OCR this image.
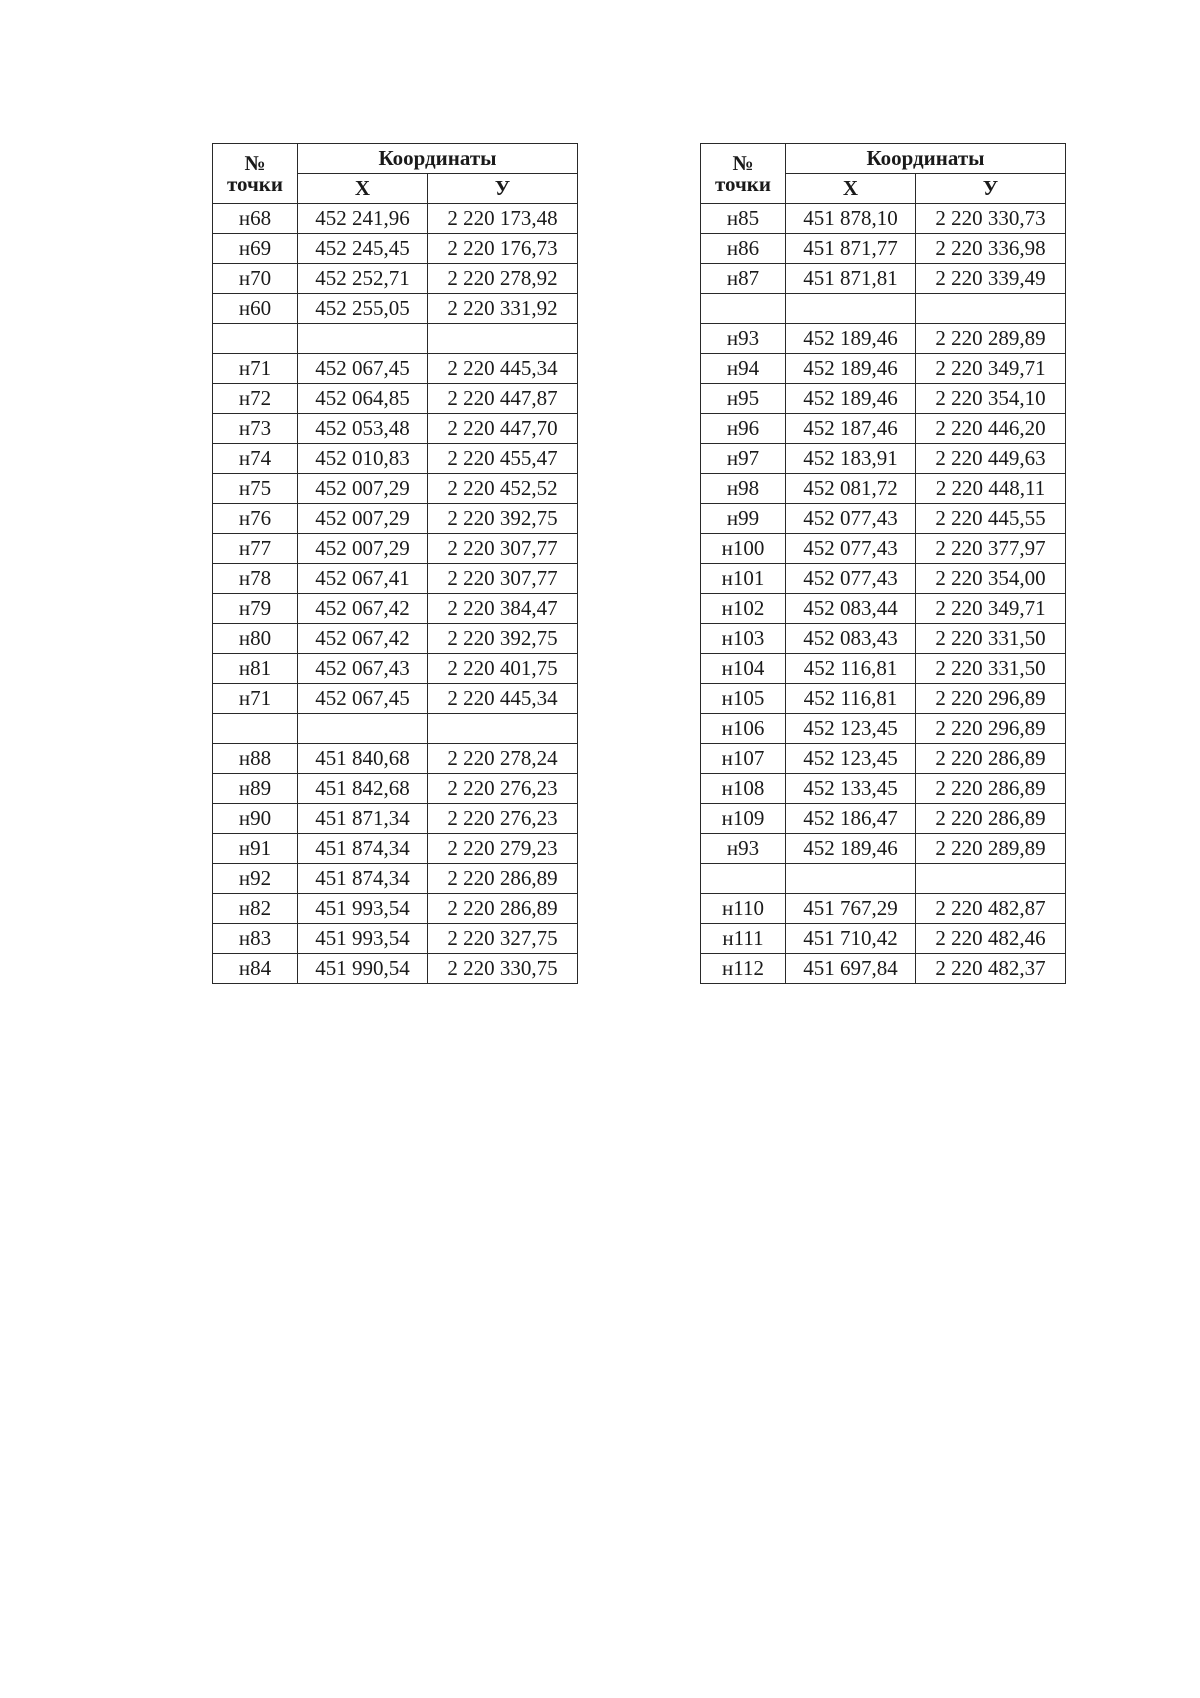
№
точки	Координаты	
	Х	У
н68	452 241,96	2 220 173,48
н69	452 245,45	2 220 176,73
н70	452 252,71	2 220 278,92
н60	452 255,05	2 220 331,92

н71	452 067,45	2 220 445,34
н72	452 064,85	2 220 447,87
н73	452 053,48	2 220 447,70
н74	452 010,83	2 220 455,47
н75	452 007,29	2 220 452,52
н76	452 007,29	2 220 392,75
н77	452 007,29	2 220 307,77
н78	452 067,41	2 220 307,77
н79	452 067,42	2 220 384,47
н80	452 067,42	2 220 392,75
н81	452 067,43	2 220 401,75
н71	452 067,45	2 220 445,34

н88	451 840,68	2 220 278,24
н89	451 842,68	2 220 276,23
н90	451 871,34	2 220 276,23
н91	451 874,34	2 220 279,23
н92	451 874,34	2 220 286,89
н82	451 993,54	2 220 286,89
н83	451 993,54	2 220 327,75
н84	451 990,54	2 220 330,75
№
точки	Координаты	
	Х	У
н85	451 878,10	2 220 330,73
н86	451 871,77	2 220 336,98
н87	451 871,81	2 220 339,49

н93	452 189,46	2 220 289,89
н94	452 189,46	2 220 349,71
н95	452 189,46	2 220 354,10
н96	452 187,46	2 220 446,20
н97	452 183,91	2 220 449,63
н98	452 081,72	2 220 448,11
н99	452 077,43	2 220 445,55
н100	452 077,43	2 220 377,97
н101	452 077,43	2 220 354,00
н102	452 083,44	2 220 349,71
н103	452 083,43	2 220 331,50
н104	452 116,81	2 220 331,50
н105	452 116,81	2 220 296,89
н106	452 123,45	2 220 296,89
н107	452 123,45	2 220 286,89
н108	452 133,45	2 220 286,89
н109	452 186,47	2 220 286,89
н93	452 189,46	2 220 289,89

н110	451 767,29	2 220 482,87
н111	451 710,42	2 220 482,46
н112	451 697,84	2 220 482,37
